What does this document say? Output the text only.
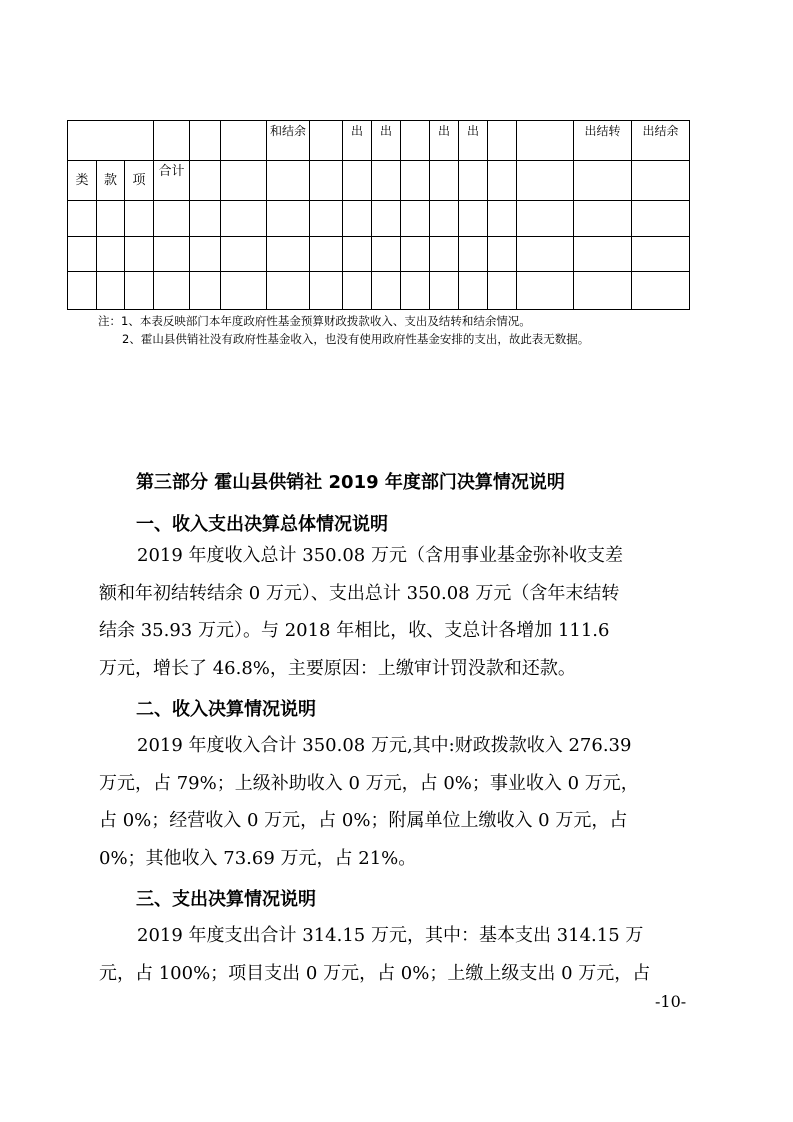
						和结余		出	出		出	出			出结转	出结余

类	款	项	合计													

注：1、本表反映部门本年度政府性基金预算财政拨款收入、支出及结转和结余情况。
2、霍山县供销社没有政府性基金收入，也没有使用政府性基金安排的支出，故此表无数据。
第三部分 霍山县供销社 2019 年度部门决算情况说明
一、收入支出决算总体情况说明
2019 年度收入总计 350.08 万元（含用事业基金弥补收支差
额和年初结转结余 0 万元）、支出总计 350.08 万元（含年末结转
结余 35.93 万元）。与 2018 年相比，收、支总计各增加 111.6
万元，增长了 46.8%，主要原因：上缴审计罚没款和还款。
二、收入决算情况说明
2019 年度收入合计 350.08 万元,其中:财政拨款收入 276.39
万元，占 79%；上级补助收入 0 万元，占 0%；事业收入 0 万元，
占 0%；经营收入 0 万元，占 0%；附属单位上缴收入 0 万元，占
0%；其他收入 73.69 万元，占 21%。
三、支出决算情况说明
2019 年度支出合计 314.15 万元，其中：基本支出 314.15 万
元，占 100%；项目支出 0 万元，占 0%；上缴上级支出 0 万元，占
-10-
